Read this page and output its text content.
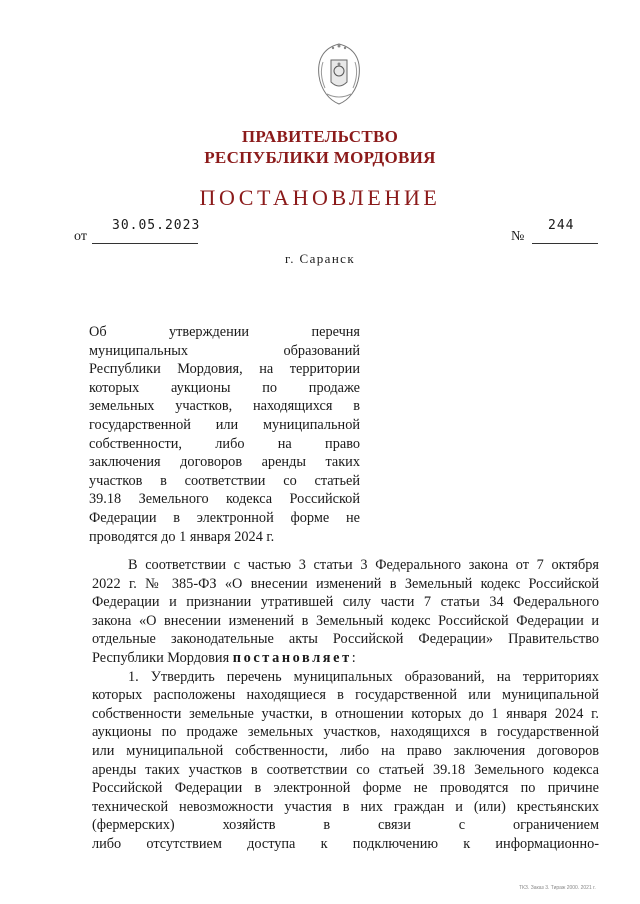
ПРАВИТЕЛЬСТВО
РЕСПУБЛИКИ МОРДОВИЯ
ПОСТАНОВЛЕНИЕ
от
30.05.2023
№
244
г. Саранск
Об утверждении перечня
муниципальных образований
Республики Мордовия, на территории
которых аукционы по продаже
земельных участков, находящихся в
государственной или муниципальной
собственности, либо на право
заключения договоров аренды таких
участков в соответствии со статьей
39.18 Земельного кодекса Российской
Федерации в электронной форме не
проводятся до 1 января 2024 г.
В соответствии с частью 3 статьи 3 Федерального закона от 7 октября
2022 г. № 385-ФЗ «О внесении изменений в Земельный кодекс Российской
Федерации и признании утратившей силу части 7 статьи 34 Федерального
закона «О внесении изменений в Земельный кодекс Российской Федерации и
отдельные законодательные акты Российской Федерации» Правительство
Республики Мордовия постановляет:
1. Утвердить перечень муниципальных образований, на территориях
которых расположены находящиеся в государственной или муниципальной
собственности земельные участки, в отношении которых до 1 января 2024 г.
аукционы по продаже земельных участков, находящихся в государственной
или муниципальной собственности, либо на право заключения договоров
аренды таких участков в соответствии со статьей 39.18 Земельного кодекса
Российской Федерации в электронной форме не проводятся по причине
технической невозможности участия в них граждан и (или) крестьянских
(фермерских) хозяйств в связи с ограничением
либо отсутствием доступа к подключению к информационно-
ТКЗ. Заказ 3. Тираж 2000. 2021 г.
